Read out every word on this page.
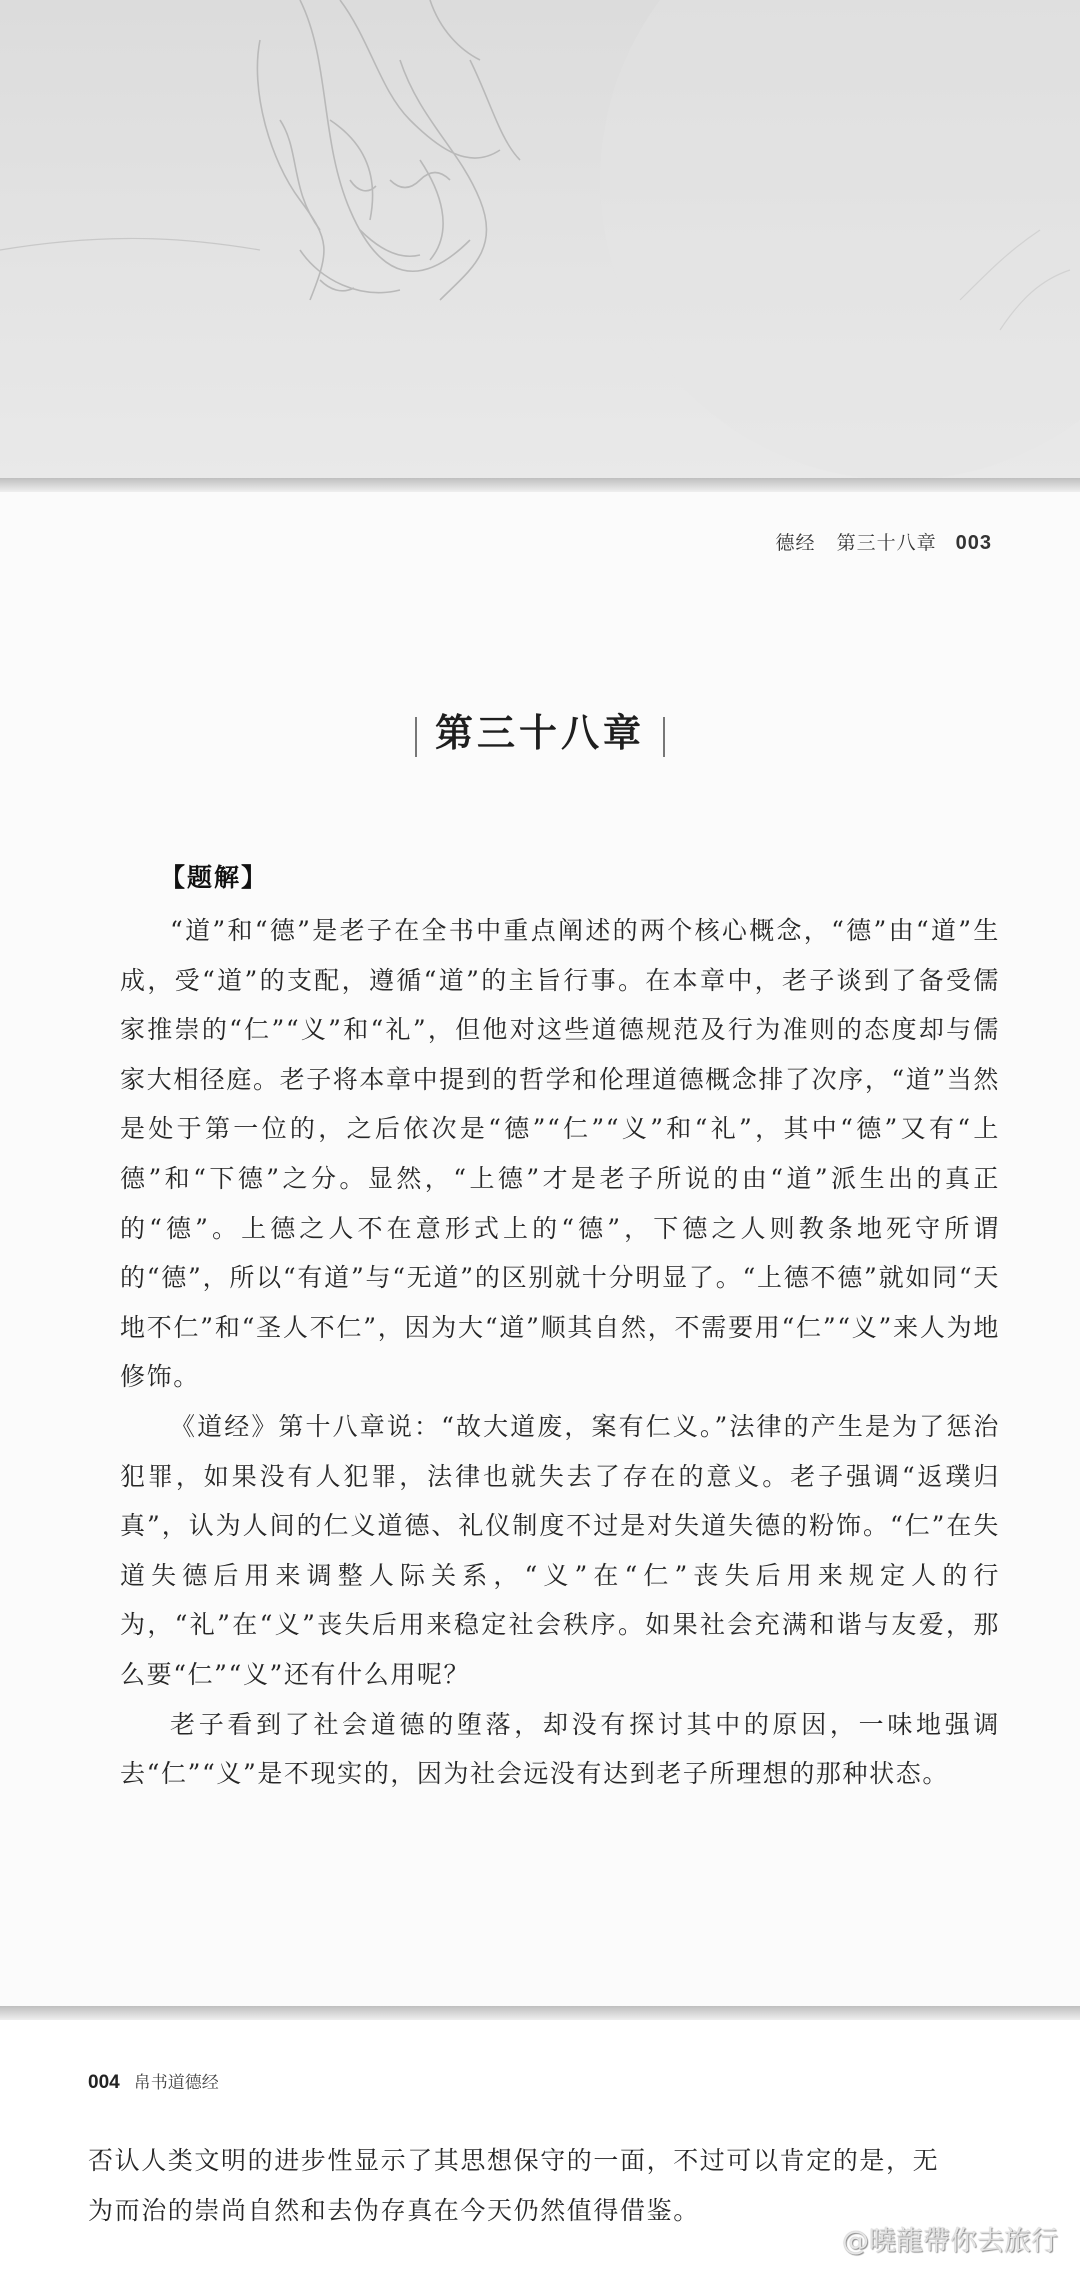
德经 第三十八章 003
第三十八章
【题解】

“道”和“德”是老子在全书中重点阐述的两个核心概念，“德”由“道”生成，受“道”的支配，遵循“道”的主旨行事。在本章中，老子谈到了备受儒家推崇的“仁”“义”和“礼”，但他对这些道德规范及行为准则的态度却与儒家大相径庭。老子将本章中提到的哲学和伦理道德概念排了次序，“道”当然是处于第一位的，之后依次是“德”“仁”“义”和“礼”，其中“德”又有“上德”和“下德”之分。显然，“上德”才是老子所说的由“道”派生出的真正的“德”。上德之人不在意形式上的“德”，下德之人则教条地死守所谓的“德”，所以“有道”与“无道”的区别就十分明显了。“上德不德”就如同“天地不仁”和“圣人不仁”，因为大“道”顺其自然，不需要用“仁”“义”来人为地修饰。

《道经》第十八章说：“故大道废，案有仁义。”法律的产生是为了惩治犯罪，如果没有人犯罪，法律也就失去了存在的意义。老子强调“返璞归真”，认为人间的仁义道德、礼仪制度不过是对失道失德的粉饰。“仁”在失道失德后用来调整人际关系，“义”在“仁”丧失后用来规定人的行为，“礼”在“义”丧失后用来稳定社会秩序。如果社会充满和谐与友爱，那么要“仁”“义”还有什么用呢？

老子看到了社会道德的堕落，却没有探讨其中的原因，一味地强调去“仁”“义”是不现实的，因为社会远没有达到老子所理想的那种状态。

004 帛书道德经

否认人类文明的进步性显示了其思想保守的一面，不过可以肯定的是，无

为而治的崇尚自然和去伪存真在今天仍然值得借鉴。

@曉龍帶你去旅行
